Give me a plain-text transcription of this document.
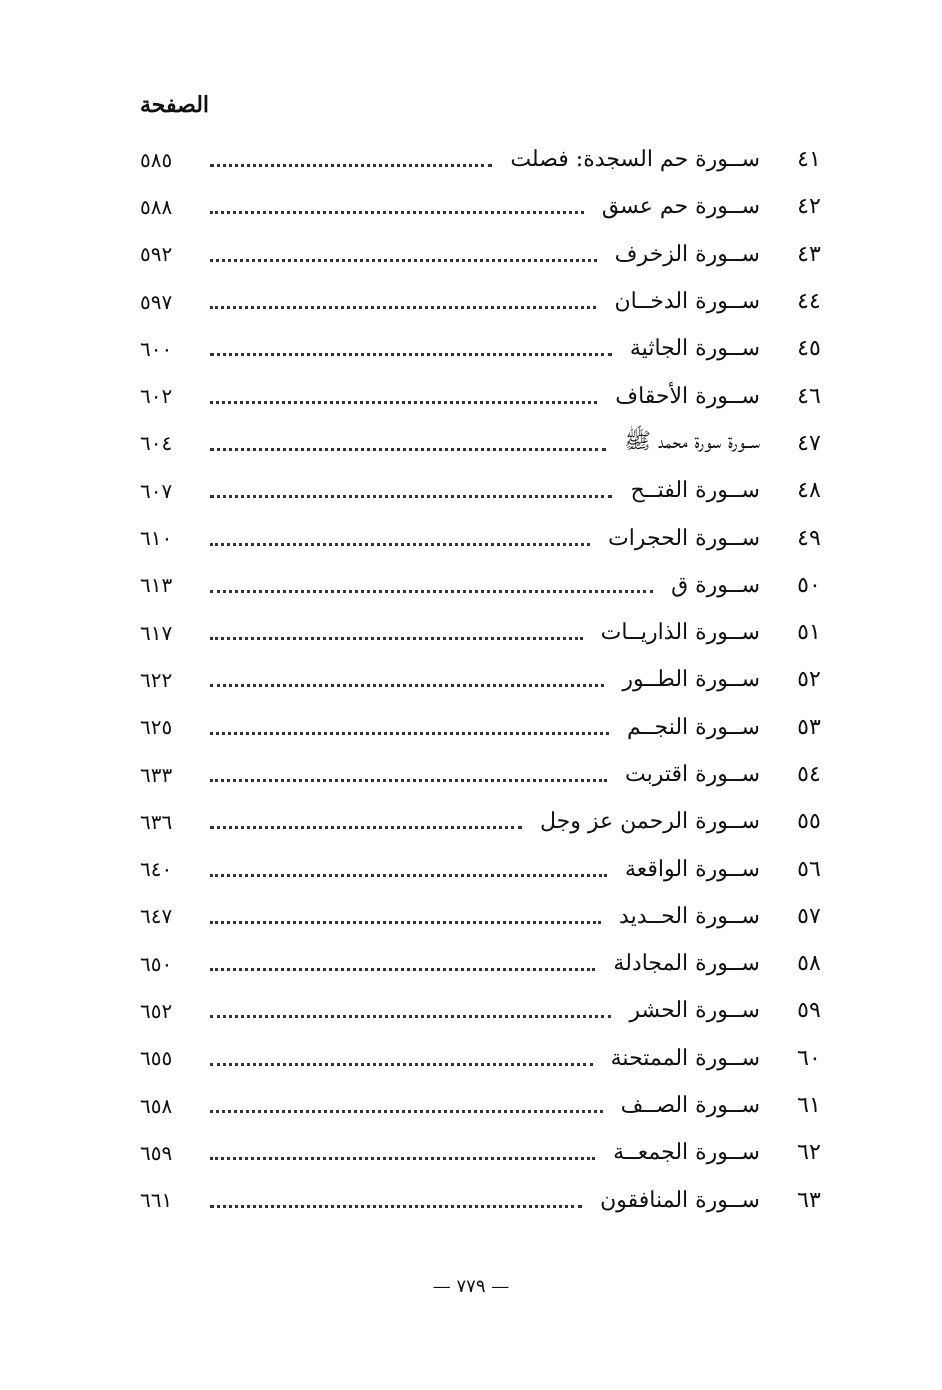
الصفحة
٤١
ســورة حم السجدة: فصلت
٥٨٥
٤٢
ســورة حم عسق
٥٨٨
٤٣
ســورة الزخرف
٥٩٢
٤٤
ســورة الدخــان
٥٩٧
٤٥
ســورة الجاثية
٦٠٠
٤٦
ســورة الأحقاف
٦٠٢
٤٧
ســورة سورة محمد ﷺ
٦٠٤
٤٨
ســورة الفتــح
٦٠٧
٤٩
ســورة الحجرات
٦١٠
٥٠
ســورة ق
٦١٣
٥١
ســورة الذاريــات
٦١٧
٥٢
ســورة الطــور
٦٢٢
٥٣
ســورة النجــم
٦٢٥
٥٤
ســورة اقتربت
٦٣٣
٥٥
ســورة الرحمن عز وجل
٦٣٦
٥٦
ســورة الواقعة
٦٤٠
٥٧
ســورة الحــديد
٦٤٧
٥٨
ســورة المجادلة
٦٥٠
٥٩
ســورة الحشر
٦٥٢
٦٠
ســورة الممتحنة
٦٥٥
٦١
ســورة الصــف
٦٥٨
٦٢
ســورة الجمعــة
٦٥٩
٦٣
ســورة المنافقون
٦٦١
— ٧٧٩ —
